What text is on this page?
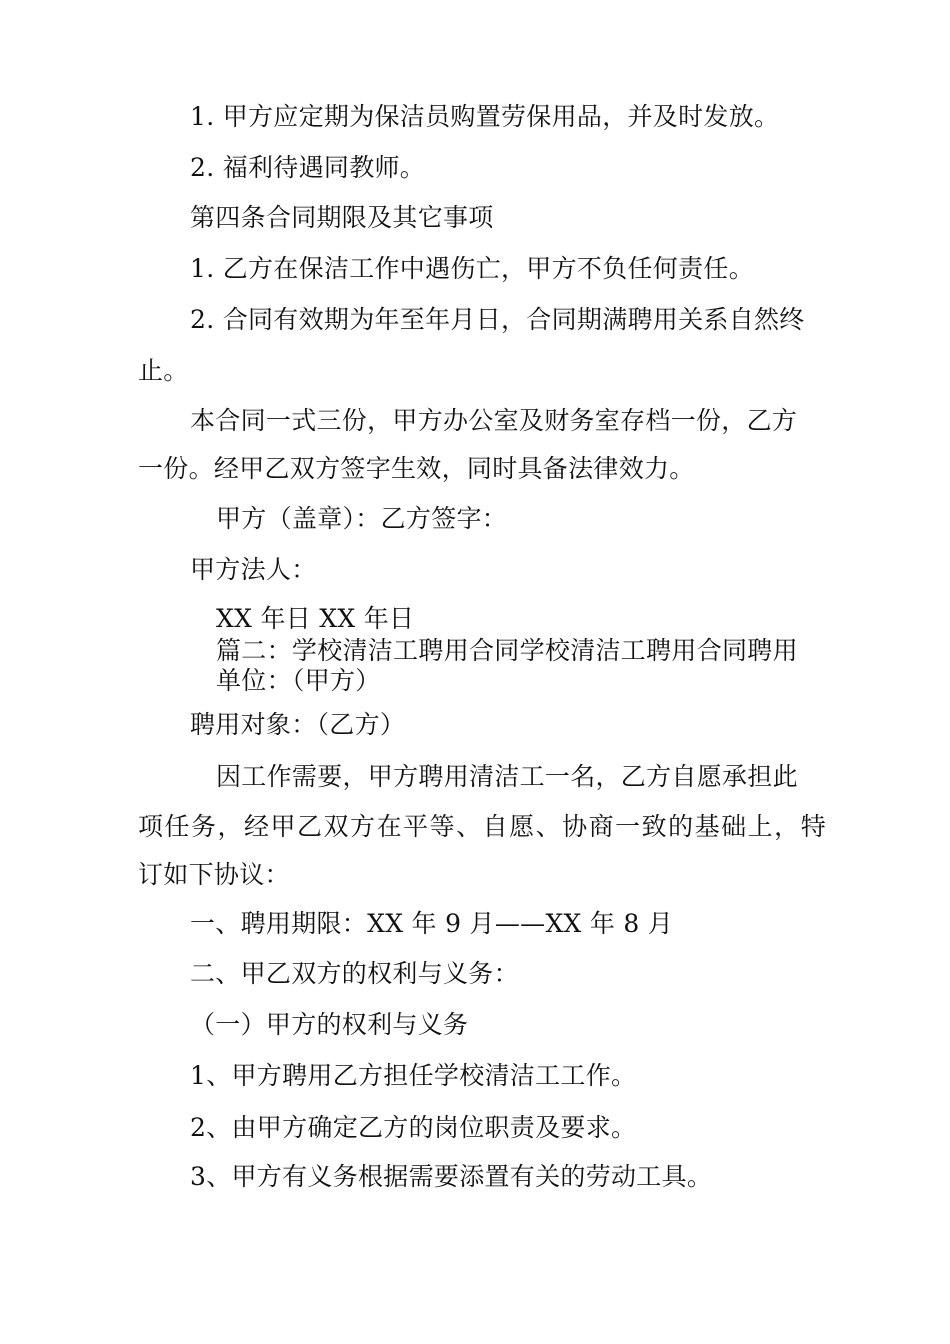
1. 甲方应定期为保洁员购置劳保用品，并及时发放。

2. 福利待遇同教师。

第四条合同期限及其它事项

1. 乙方在保洁工作中遇伤亡，甲方不负任何责任。

2. 合同有效期为年至年月日，合同期满聘用关系自然终

止。

本合同一式三份，甲方办公室及财务室存档一份，乙方

一份。经甲乙双方签字生效，同时具备法律效力。

甲方（盖章）：乙方签字：

甲方法人：

XX 年日 XX 年日

篇二：学校清洁工聘用合同学校清洁工聘用合同聘用

单位：（甲方）

聘用对象：（乙方）

因工作需要，甲方聘用清洁工一名，乙方自愿承担此

项任务，经甲乙双方在平等、自愿、协商一致的基础上，特

订如下协议：

一、聘用期限：XX 年 9 月——XX 年 8 月

二、甲乙双方的权利与义务：

（一）甲方的权利与义务

1、甲方聘用乙方担任学校清洁工工作。

2、由甲方确定乙方的岗位职责及要求。

3、甲方有义务根据需要添置有关的劳动工具。
